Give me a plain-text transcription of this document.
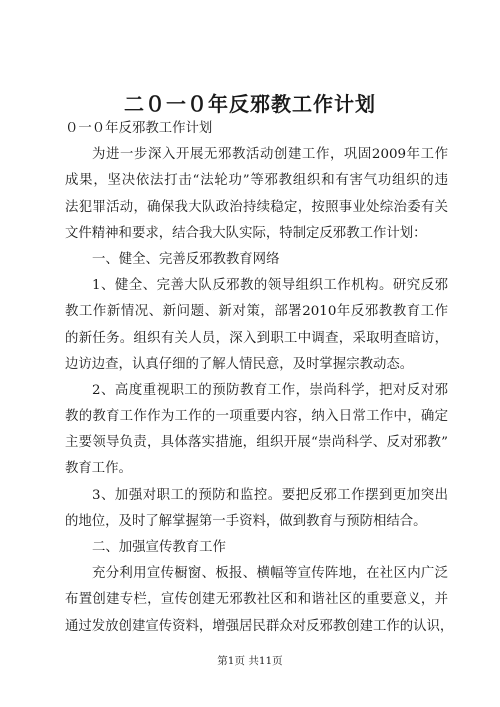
二０一０年反邪教工作计划
０一０年反邪教工作计划
为进一步深入开展无邪教活动创建工作，巩固2009年工作
成果，坚决依法打击“法轮功”等邪教组织和有害气功组织的违
法犯罪活动，确保我大队政治持续稳定，按照事业处综治委有关
文件精神和要求，结合我大队实际，特制定反邪教工作计划：
一、健全、完善反邪教教育网络
1、健全、完善大队反邪教的领导组织工作机构。研究反邪
教工作新情况、新问题、新对策，部署2010年反邪教教育工作
的新任务。组织有关人员，深入到职工中调查，采取明查暗访，
边访边查，认真仔细的了解人情民意，及时掌握宗教动态。
2、高度重视职工的预防教育工作，崇尚科学，把对反对邪
教的教育工作作为工作的一项重要内容，纳入日常工作中，确定
主要领导负责，具体落实措施，组织开展“崇尚科学、反对邪教”
教育工作。
3、加强对职工的预防和监控。要把反邪工作摆到更加突出
的地位，及时了解掌握第一手资料，做到教育与预防相结合。
二、加强宣传教育工作
充分利用宣传橱窗、板报、横幅等宣传阵地，在社区内广泛
布置创建专栏，宣传创建无邪教社区和和谐社区的重要意义，并
通过发放创建宣传资料，增强居民群众对反邪教创建工作的认识，
第1页 共11页
